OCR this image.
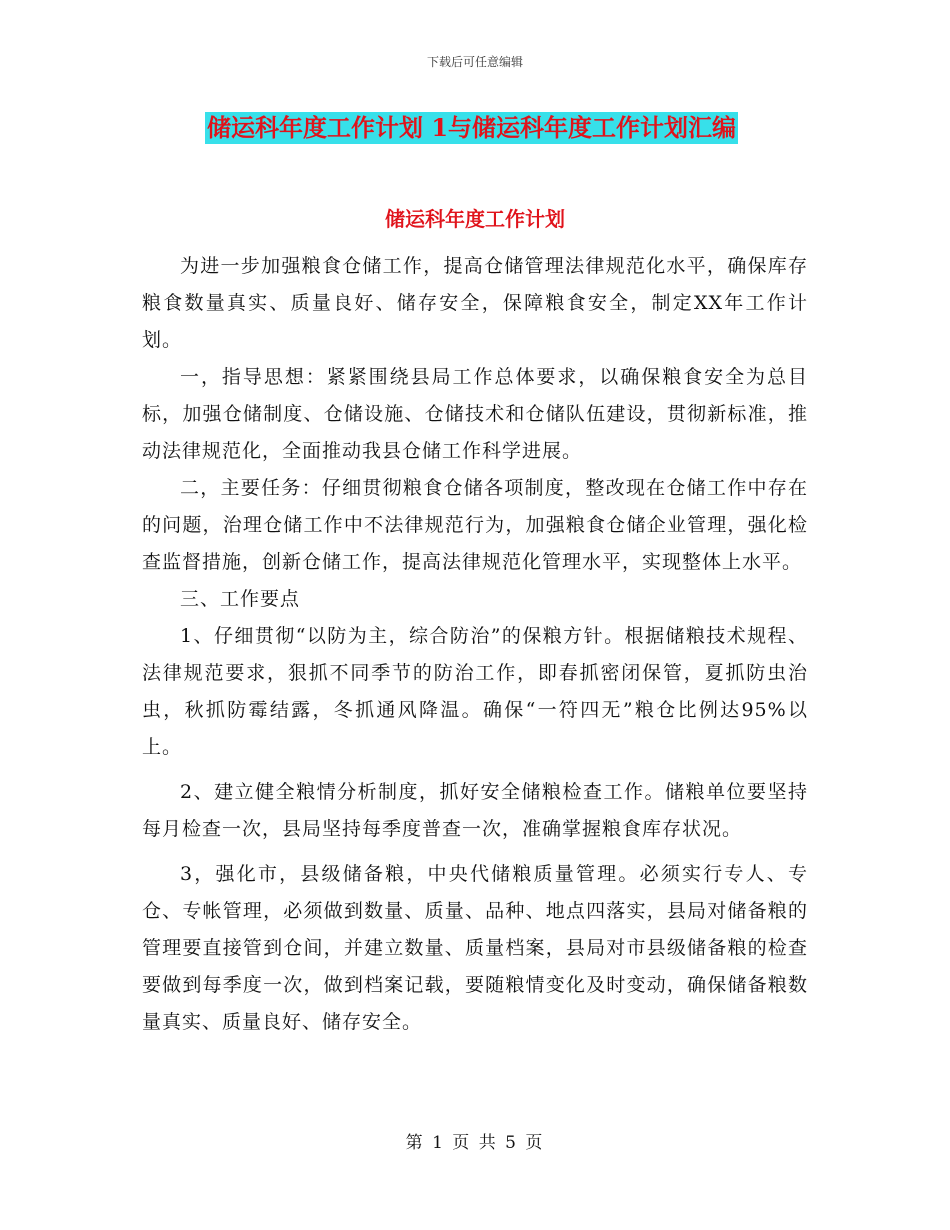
下载后可任意编辑
储运科年度工作计划 1与储运科年度工作计划汇编
储运科年度工作计划

为进一步加强粮食仓储工作，提高仓储管理法律规范化水平，确保库存粮食数量真实、质量良好、储存安全，保障粮食安全，制定XX年工作计划。

一，指导思想：紧紧围绕县局工作总体要求，以确保粮食安全为总目标，加强仓储制度、仓储设施、仓储技术和仓储队伍建设，贯彻新标准，推动法律规范化，全面推动我县仓储工作科学进展。

二，主要任务：仔细贯彻粮食仓储各项制度，整改现在仓储工作中存在的问题，治理仓储工作中不法律规范行为，加强粮食仓储企业管理，强化检查监督措施，创新仓储工作，提高法律规范化管理水平，实现整体上水平。

三、工作要点

1、仔细贯彻“以防为主，综合防治”的保粮方针。根据储粮技术规程、法律规范要求，狠抓不同季节的防治工作，即春抓密闭保管，夏抓防虫治虫，秋抓防霉结露，冬抓通风降温。确保“一符四无”粮仓比例达95%以上。

2、建立健全粮情分析制度，抓好安全储粮检查工作。储粮单位要坚持每月检查一次，县局坚持每季度普查一次，准确掌握粮食库存状况。

3，强化市，县级储备粮，中央代储粮质量管理。必须实行专人、专仓、专帐管理，必须做到数量、质量、品种、地点四落实，县局对储备粮的管理要直接管到仓间，并建立数量、质量档案，县局对市县级储备粮的检查要做到每季度一次，做到档案记载，要随粮情变化及时变动，确保储备粮数量真实、质量良好、储存安全。

第 1 页 共 5 页
